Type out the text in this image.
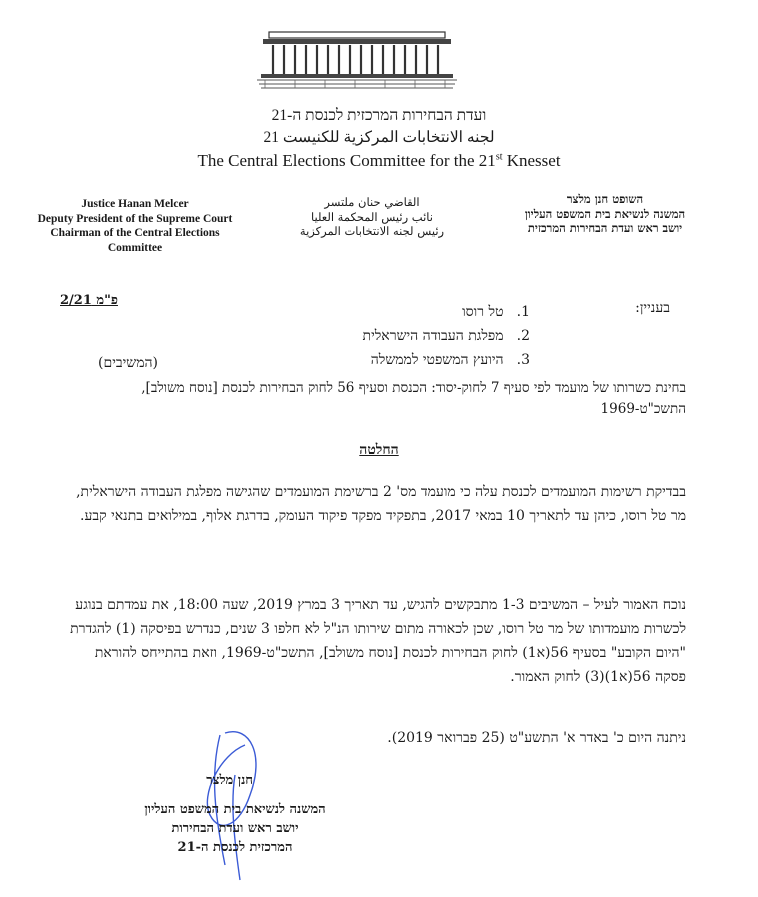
ועדת הבחירות המרכזית לכנסת ה-21
لجنه الانتخابات المركزية للكنيست 21
The Central Elections Committee for the 21st Knesset
Justice Hanan Melcer
Deputy President of the Supreme Court
Chairman of the Central Elections
Committee
القاضي حنان ملتسر
نائب رئيس المحكمة العليا
رئيس لجنه الانتخابات المركزية
השופט חנן מלצר
המשנה לנשיאת בית המשפט העליון
יושב ראש ועדת הבחירות המרכזית
פ"מ 2/21	בעניין:
1. טל רוסו
2. מפלגת העבודה הישראלית
3. היועץ המשפטי לממשלה
(המשיבים)
בחינת כשרותו של מועמד לפי סעיף 7 לחוק-יסוד: הכנסת וסעיף 56 לחוק הבחירות לכנסת [נוסח משולב], התשכ"ט-1969
החלטה
בבדיקת רשימות המועמדים לכנסת עלה כי מועמד מס' 2 ברשימת המועמדים שהגישה מפלגת העבודה הישראלית, מר טל רוסו, כיהן עד לתאריך 10 במאי 2017, בתפקיד מפקד פיקוד העומק, בדרגת אלוף, במילואים בתנאי קבע.
נוכח האמור לעיל – המשיבים 1-3 מתבקשים להגיש, עד תאריך 3 במרץ 2019, שעה 18:00, את עמדתם בנוגע לכשרות מועמדותו של מר טל רוסו, שכן לכאורה מתום שירותו הנ"ל לא חלפו 3 שנים, כנדרש בפיסקה (1) להגדרת "היום הקובע" בסעיף 56(א1) לחוק הבחירות לכנסת [נוסח משולב], התשכ"ט-1969, וזאת בהתייחס להוראת פסקה 56(א1)(3) לחוק האמור.
ניתנה היום כ' באדר א' התשע"ט (25 פברואר 2019).
חנן מלצר
המשנה לנשיאת בית המשפט העליון
יושב ראש ועדת הבחירות
המרכזית לכנסת ה-21
